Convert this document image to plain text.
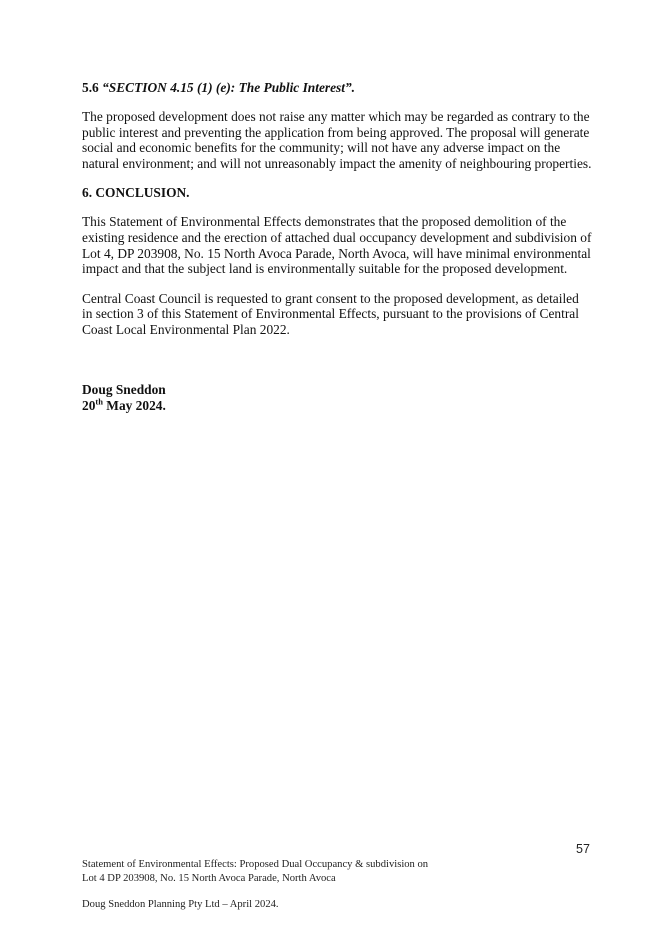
5.6 “SECTION 4.15 (1) (e): The Public Interest”.

The proposed development does not raise any matter which may be regarded as contrary to the public interest and preventing the application from being approved. The proposal will generate social and economic benefits for the community; will not have any adverse impact on the natural environment; and will not unreasonably impact the amenity of neighbouring properties.

6. CONCLUSION.

This Statement of Environmental Effects demonstrates that the proposed demolition of the existing residence and the erection of attached dual occupancy development and subdivision of Lot 4, DP 203908, No. 15 North Avoca Parade, North Avoca, will have minimal environmental impact and that the subject land is environmentally suitable for the proposed development.

Central Coast Council is requested to grant consent to the proposed development, as detailed in section 3 of this Statement of Environmental Effects, pursuant to the provisions of Central Coast Local Environmental Plan 2022.

Doug Sneddon

20th May 2024.

57

Statement of Environmental Effects: Proposed Dual Occupancy & subdivision on

Lot 4 DP 203908, No. 15 North Avoca Parade, North Avoca

Doug Sneddon Planning Pty Ltd – April 2024.
